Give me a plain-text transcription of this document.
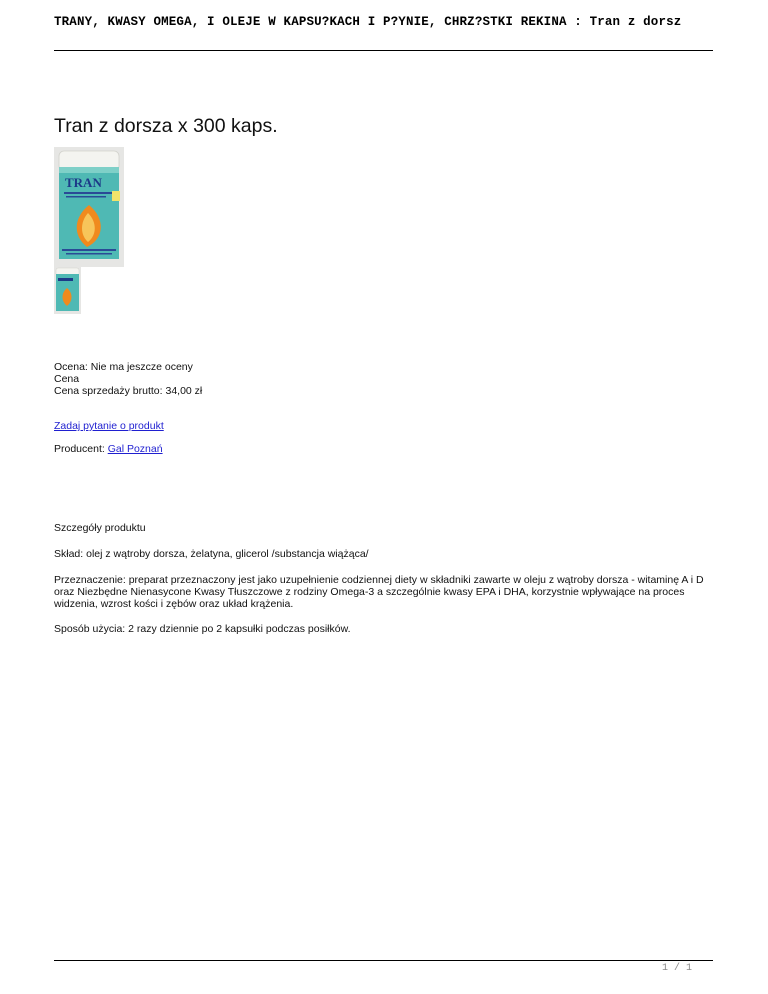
TRANY, KWASY OMEGA, I OLEJE W KAPSU?KACH I P?YNIE, CHRZ?STKI REKINA : Tran z dorsz
Tran z dorsza x 300 kaps.
TRAN
Ocena: Nie ma jeszcze oceny
Cena
Cena sprzedaży brutto: 34,00 zł
Zadaj pytanie o produkt
Producent: Gal Poznań
Szczegóły produktu
Skład: olej z wątroby dorsza, żelatyna, glicerol /substancja wiążąca/
Przeznaczenie: preparat przeznaczony jest jako uzupełnienie codziennej diety w składniki zawarte w oleju z wątroby dorsza - witaminę A i D
oraz Niezbędne Nienasycone Kwasy Tłuszczowe z rodziny Omega-3 a szczególnie kwasy EPA i DHA, korzystnie wpływające na proces
widzenia, wzrost kości i zębów oraz układ krążenia.
Sposób użycia: 2 razy dziennie po 2 kapsułki podczas posiłków.
1 / 1
